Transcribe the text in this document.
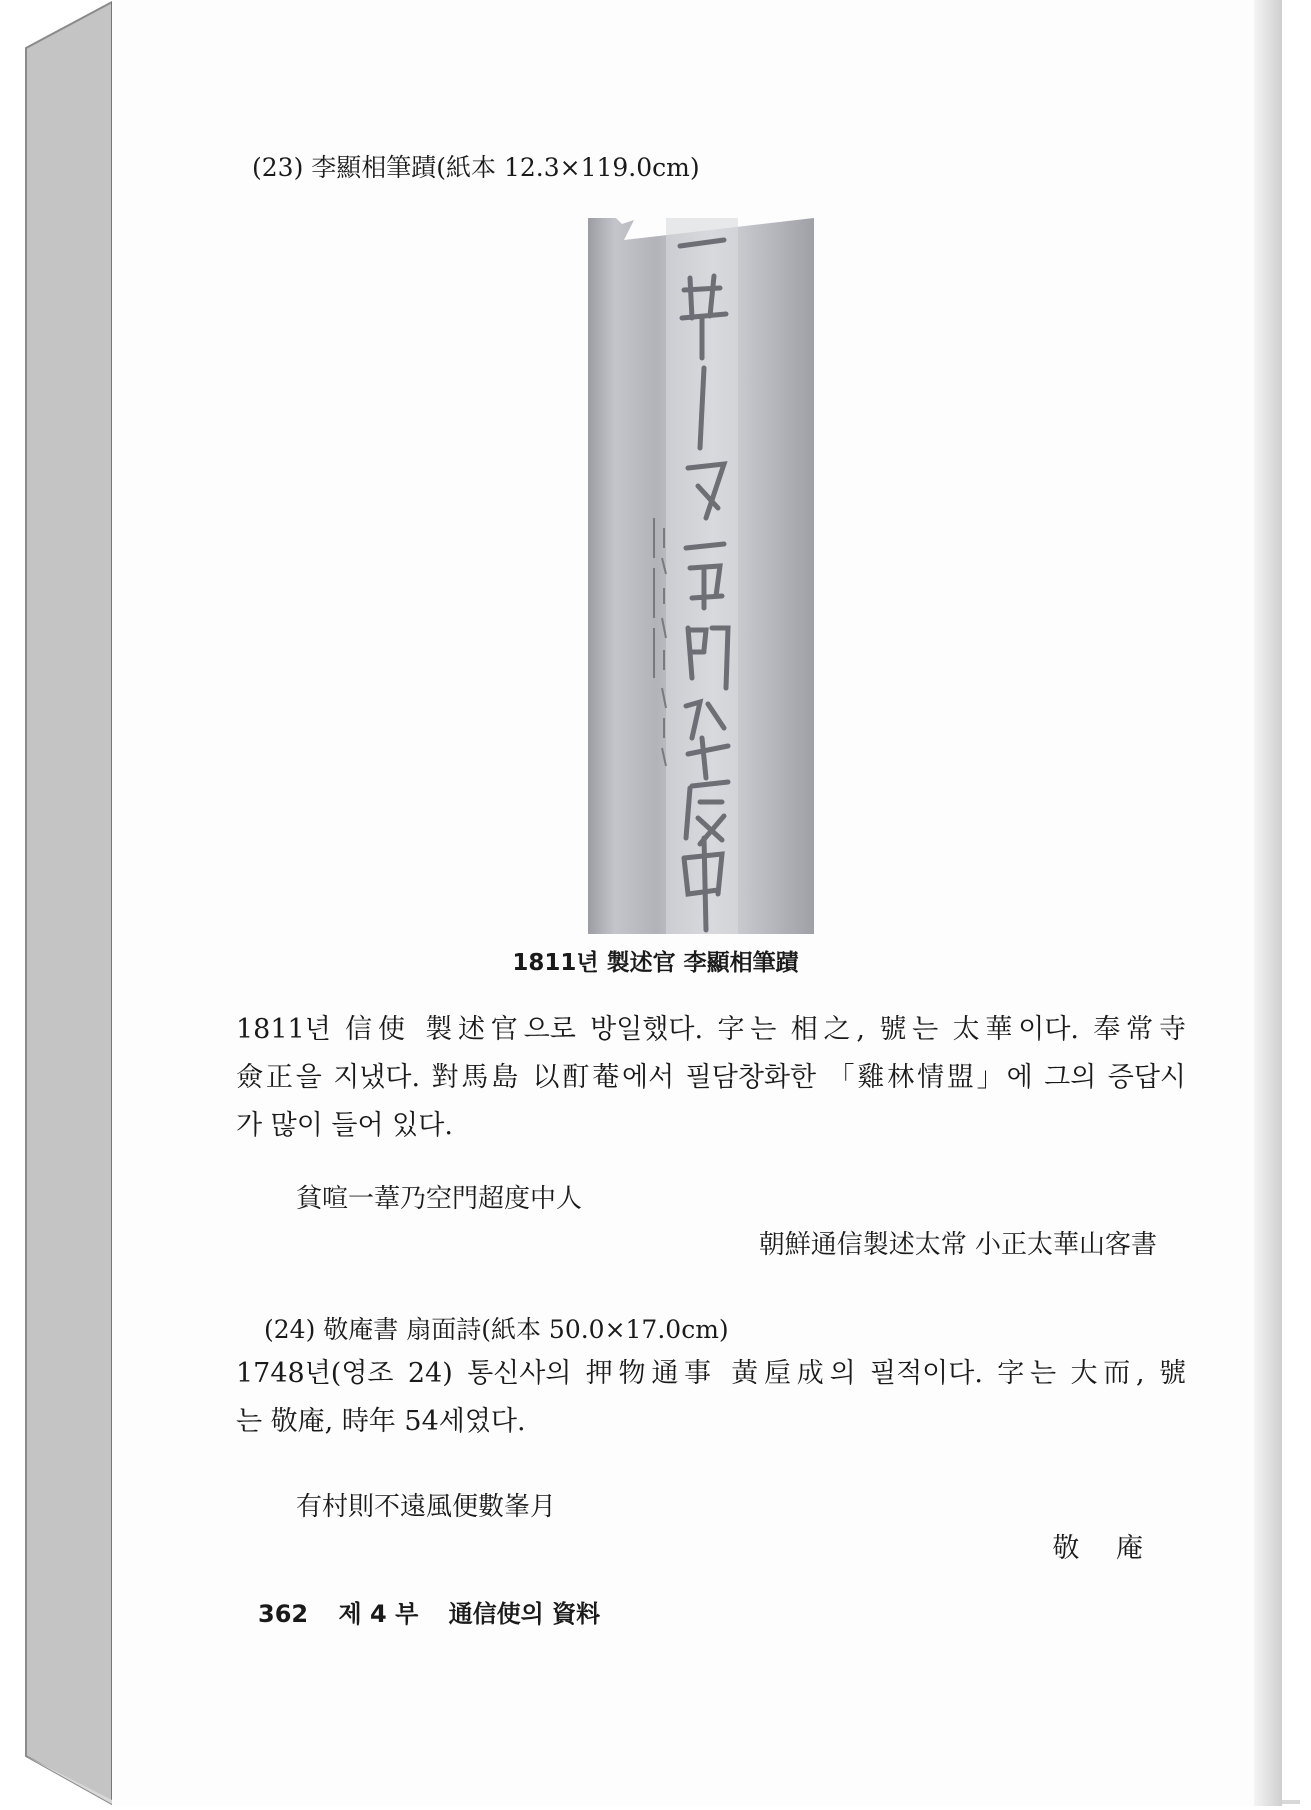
(23) 李顯相筆蹟(紙本 12.3×119.0cm)
1811년 製述官 李顯相筆蹟
1811년 信使 製述官으로 방일했다. 字는 相之, 號는 太華이다. 奉常寺
僉正을 지냈다. 對馬島 以酊菴에서 필담창화한 「雞林情盟」에 그의 증답시
가 많이 들어 있다.
貧喧一葦乃空門超度中人
朝鮮通信製述太常 小正太華山客書
(24) 敬庵書 扇面詩(紙本 50.0×17.0cm)
1748년(영조 24) 통신사의 押物通事 黃垕成의 필적이다. 字는 大而, 號
는 敬庵, 時年 54세였다.
有村則不遠風便數峯月
敬 庵
362 제 4 부 通信使의 資料
